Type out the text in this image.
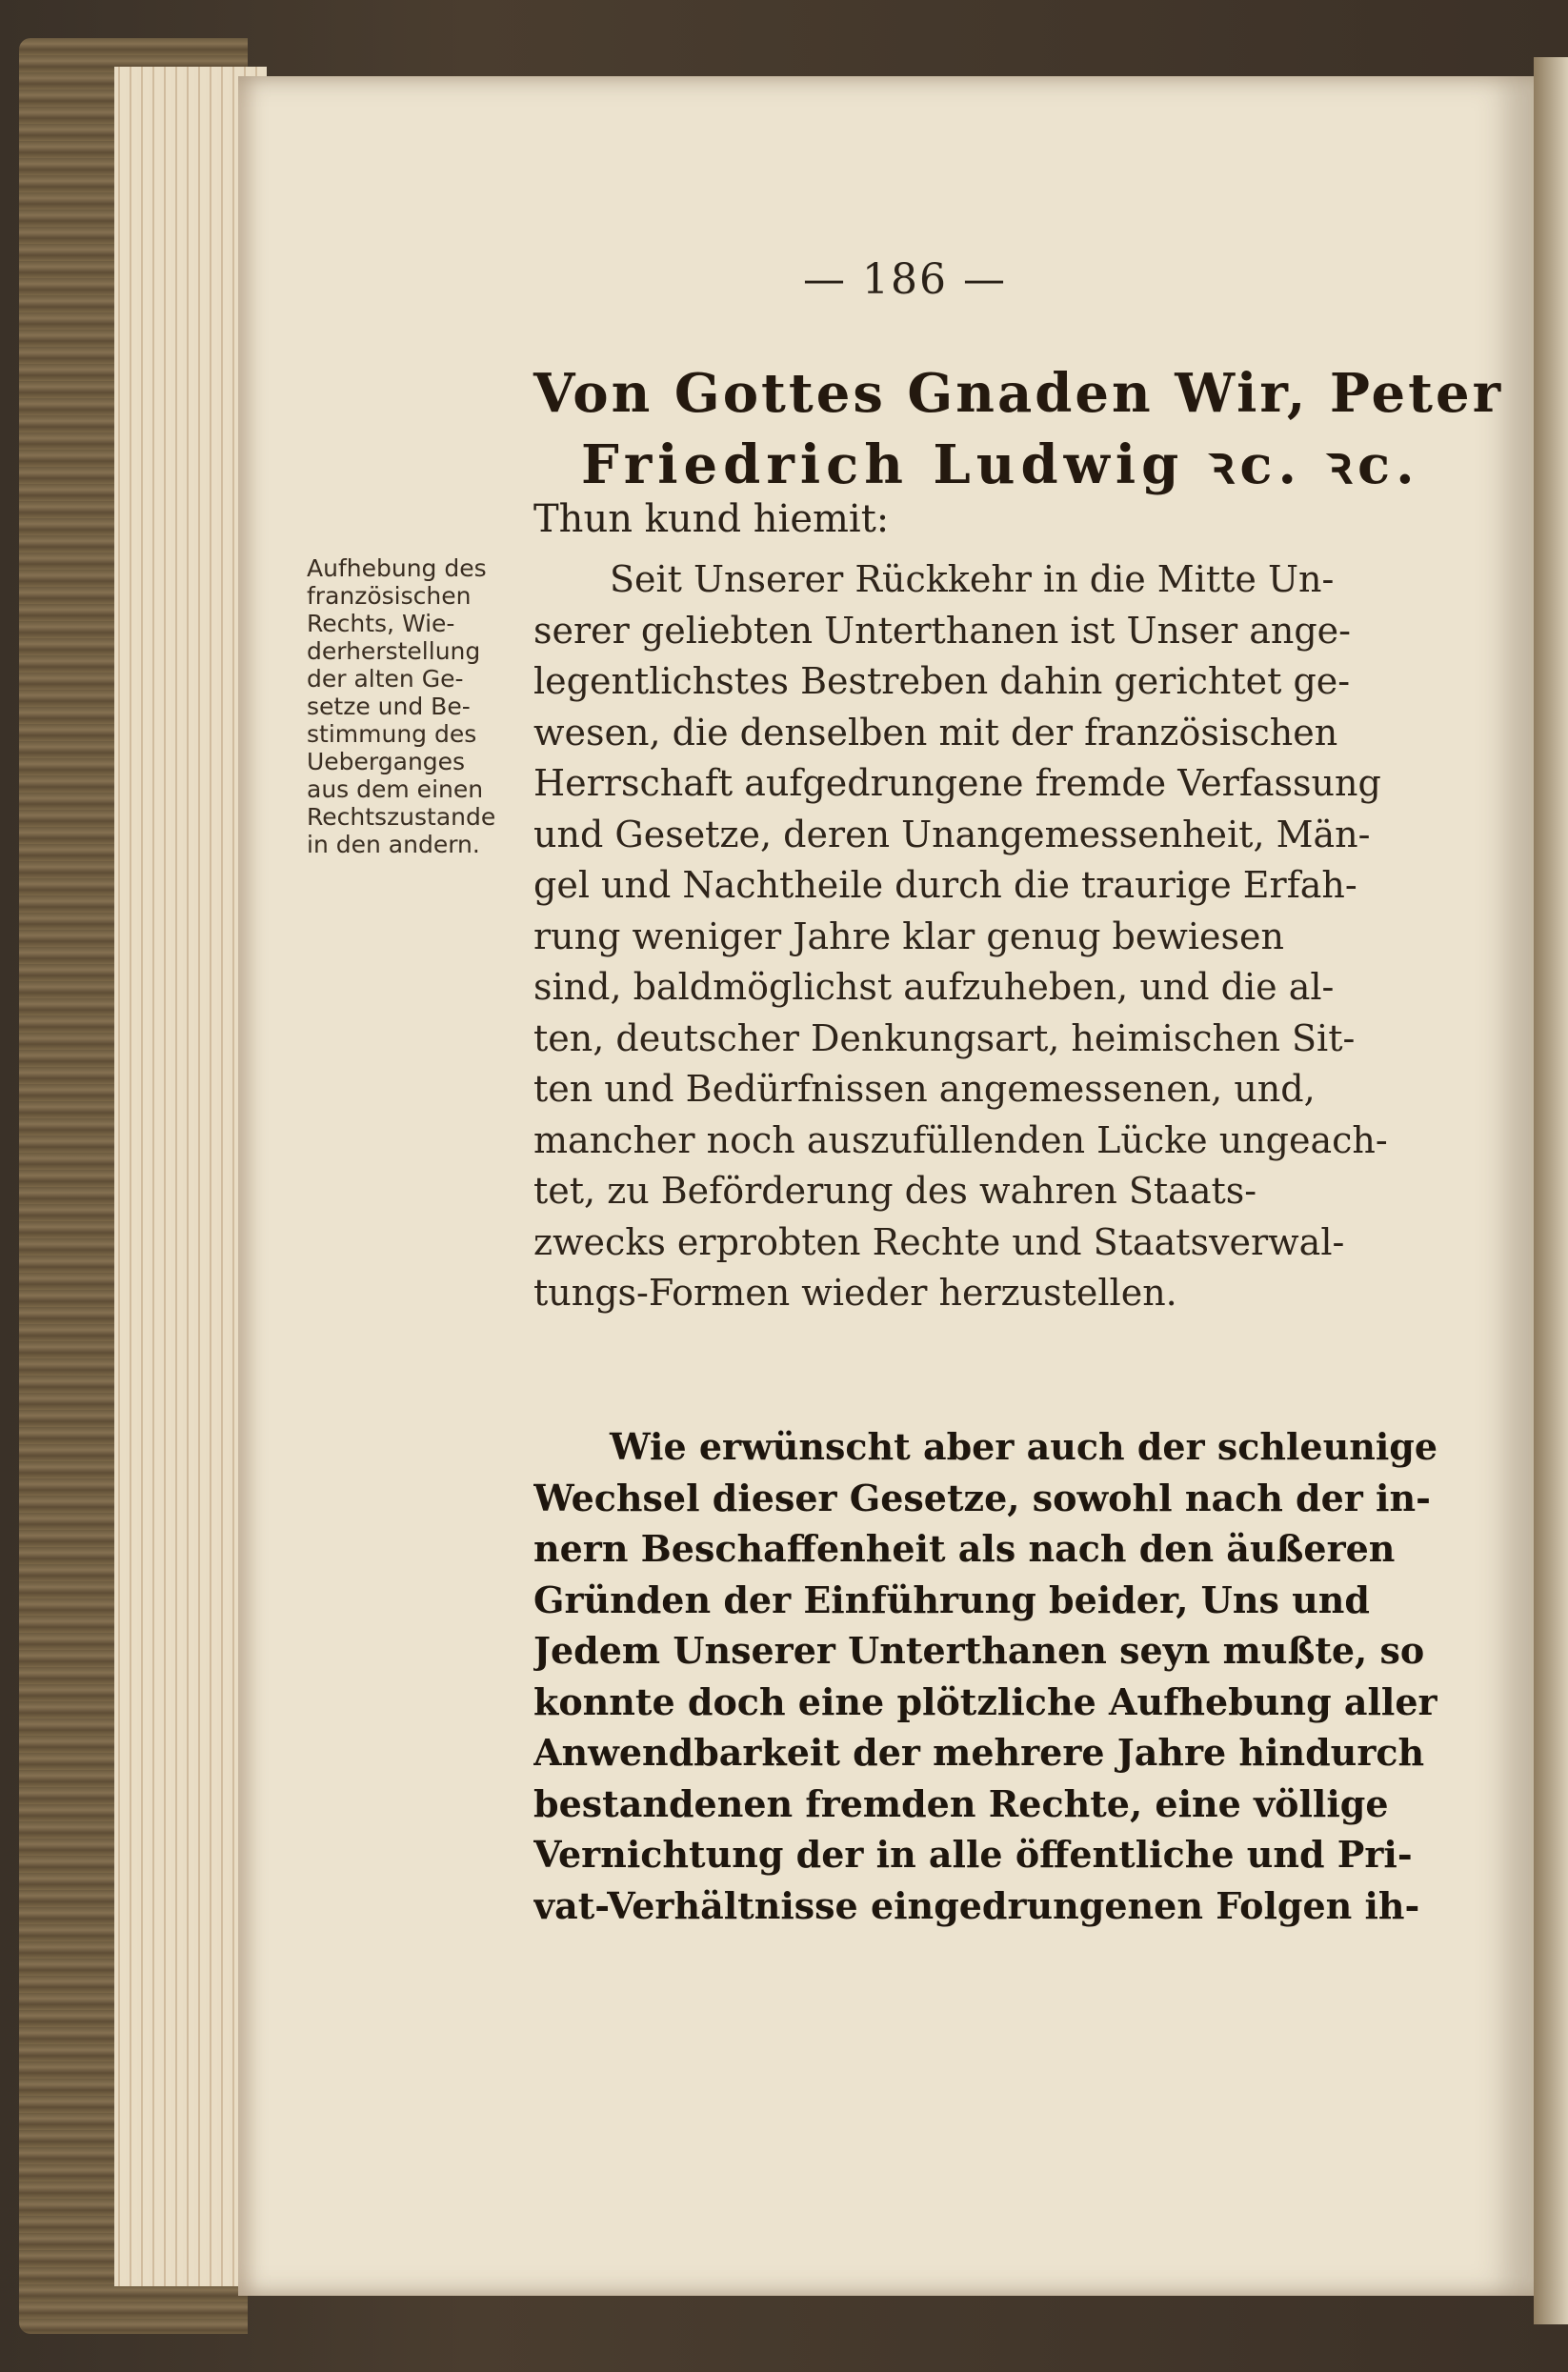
— 186 —
Von Gottes Gnaden Wir, Peter
Friedrich Ludwig ꝛc. ꝛc.
Thun kund hiemit:
Aufhebung des
französischen
Rechts, Wie-
derherstellung
der alten Ge-
setze und Be-
stimmung des
Ueberganges
aus dem einen
Rechtszustande
in den andern.
Seit Unserer Rückkehr in die Mitte Un-
serer geliebten Unterthanen ist Unser ange-
legentlichstes Bestreben dahin gerichtet ge-
wesen, die denselben mit der französischen
Herrschaft aufgedrungene fremde Verfassung
und Gesetze, deren Unangemessenheit, Män-
gel und Nachtheile durch die traurige Erfah-
rung weniger Jahre klar genug bewiesen
sind, baldmöglichst aufzuheben, und die al-
ten, deutscher Denkungsart, heimischen Sit-
ten und Bedürfnissen angemessenen, und,
mancher noch auszufüllenden Lücke ungeach-
tet, zu Beförderung des wahren Staats-
zwecks erprobten Rechte und Staatsverwal-
tungs-Formen wieder herzustellen.
Wie erwünscht aber auch der schleunige
Wechsel dieser Gesetze, sowohl nach der in-
nern Beschaffenheit als nach den äußeren
Gründen der Einführung beider, Uns und
Jedem Unserer Unterthanen seyn mußte, so
konnte doch eine plötzliche Aufhebung aller
Anwendbarkeit der mehrere Jahre hindurch
bestandenen fremden Rechte, eine völlige
Vernichtung der in alle öffentliche und Pri-
vat-Verhältnisse eingedrungenen Folgen ih-
